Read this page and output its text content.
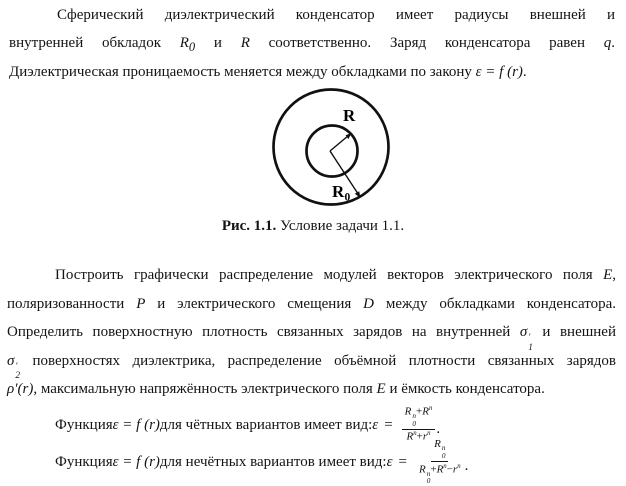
Сферический диэлектрический конденсатор имеет радиусы внешней и
внутренней обкладок $R_0$ и R соответственно. Заряд конденсатора равен q.
Диэлектрическая проницаемость меняется между обкладками по закону ε = f (r).
R
R 0
Рис. 1.1. Условие задачи 1.1.
Построить графически распределение модулей векторов электрического поля E,
поляризованности P и электрического смещения D между обкладками конденсатора.
Определить поверхностную плотность связанных зарядов на внутренней σ ′
1
и внешней
σ ′
2
поверхностях диэлектрика, распределение объёмной плотности связанных зарядов
ρ′(r), максимальную напряжённость электрического поля E и ёмкость конденсатора.
Функция ε = f (r) для чётных вариантов имеет вид: ε = R n
0
$+R^n$
$R^n+r^n$ .
Функция ε = f (r) для нечётных вариантов имеет вид: ε = R n
0
R n
0
$+R^n-r^n$ .
